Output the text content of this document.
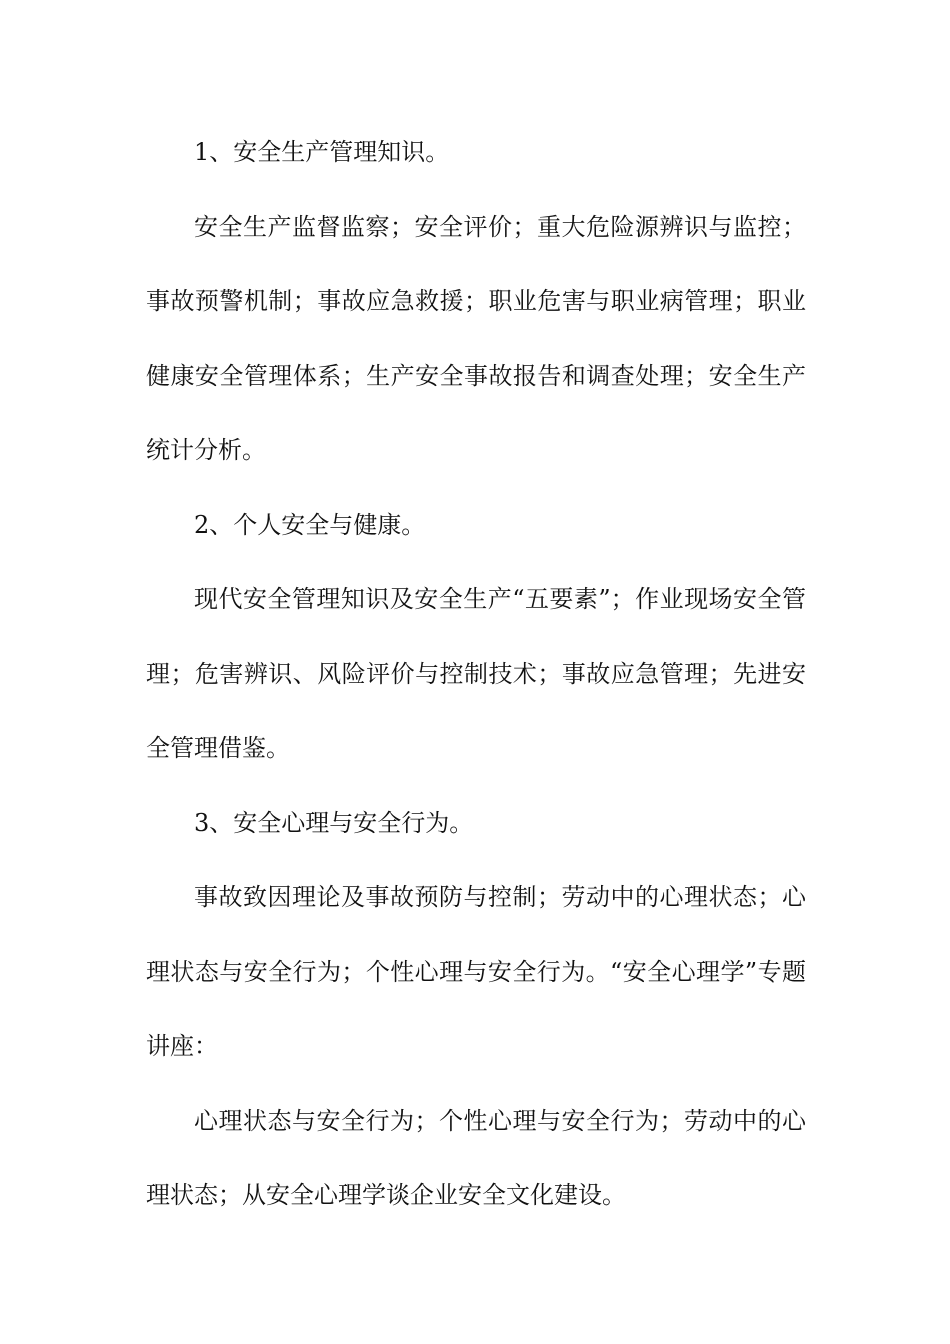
1、安全生产管理知识。

安全生产监督监察；安全评价；重大危险源辨识与监控；事故预警机制；事故应急救援；职业危害与职业病管理；职业健康安全管理体系；生产安全事故报告和调查处理；安全生产统计分析。

2、个人安全与健康。

现代安全管理知识及安全生产“五要素”；作业现场安全管理；危害辨识、风险评价与控制技术；事故应急管理；先进安全管理借鉴。

3、安全心理与安全行为。

事故致因理论及事故预防与控制；劳动中的心理状态；心理状态与安全行为；个性心理与安全行为。“安全心理学”专题讲座：

心理状态与安全行为；个性心理与安全行为；劳动中的心理状态；从安全心理学谈企业安全文化建设。
